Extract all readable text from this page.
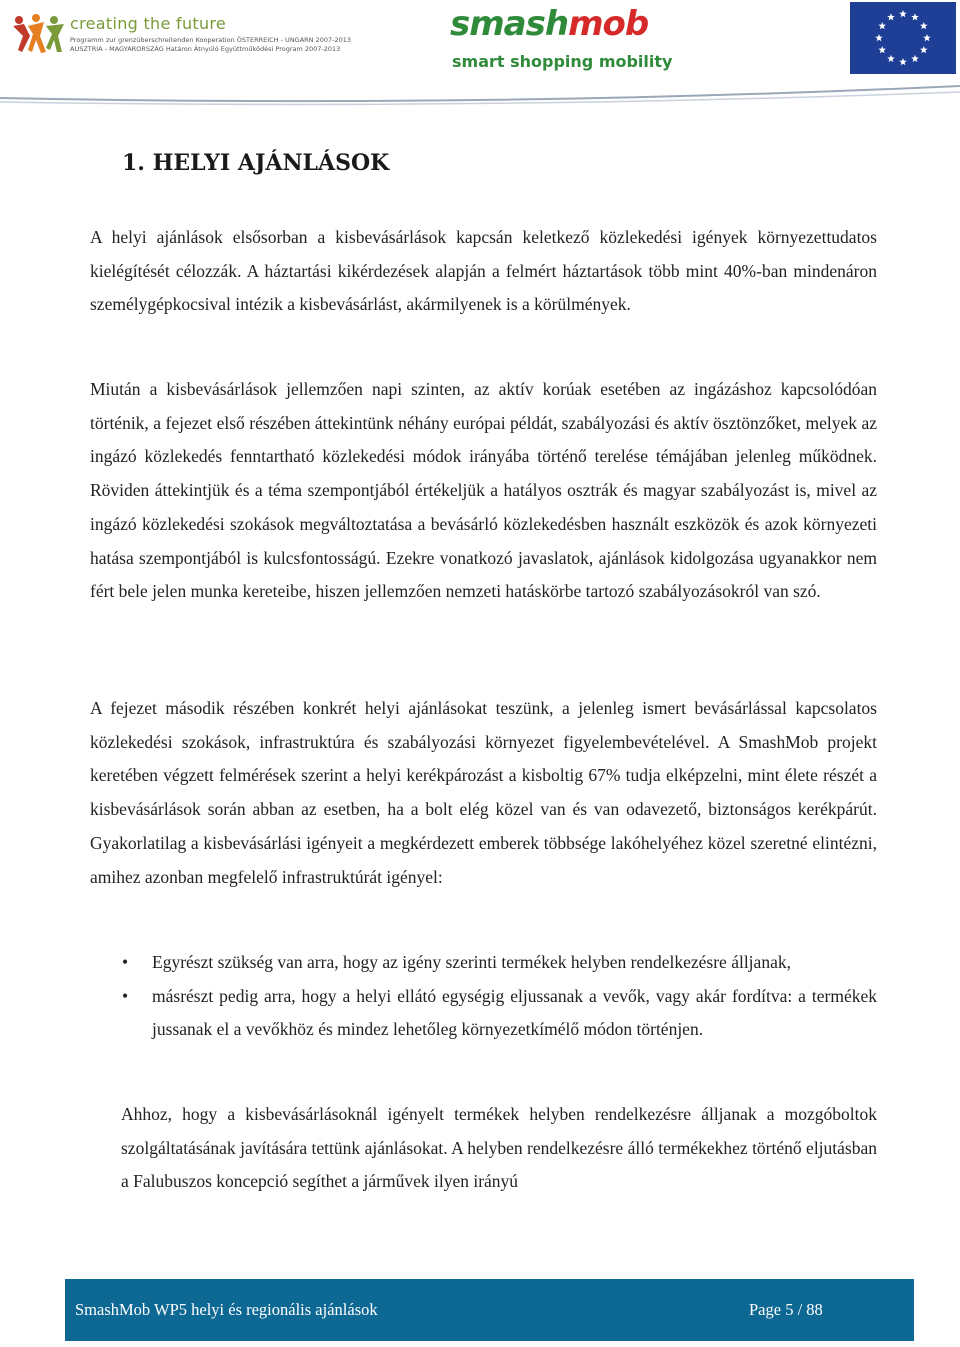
creating the future
Programm zur grenzüberschreitenden Kooperation ÖSTERREICH - UNGARN 2007-2013
AUSZTRIA - MAGYARORSZÁG Határon Átnyúló Együttműködési Program 2007-2013
smashmob
smart shopping mobility
1. HELYI AJÁNLÁSOK

A helyi ajánlások elsősorban a kisbevásárlások kapcsán keletkező közlekedési igények környezettudatos kielégítését célozzák. A háztartási kikérdezések alapján a felmért háztartások több mint 40%-ban mindenáron személygépkocsival intézik a kisbevásárlást, akármilyenek is a körülmények.

Miután a kisbevásárlások jellemzően napi szinten, az aktív korúak esetében az ingázáshoz kapcsolódóan történik, a fejezet első részében áttekintünk néhány európai példát, szabályozási és aktív ösztönzőket, melyek az ingázó közlekedés fenntartható közlekedési módok irányába történő terelése témájában jelenleg működnek. Röviden áttekintjük és a téma szempontjából értékeljük a hatályos osztrák és magyar szabályozást is, mivel az ingázó közlekedési szokások megváltoztatása a bevásárló közlekedésben használt eszközök és azok környezeti hatása szempontjából is kulcsfontosságú. Ezekre vonatkozó javaslatok, ajánlások kidolgozása ugyanakkor nem fért bele jelen munka kereteibe, hiszen jellemzően nemzeti hatáskörbe tartozó szabályozásokról van szó.

A fejezet második részében konkrét helyi ajánlásokat teszünk, a jelenleg ismert bevásárlással kapcsolatos közlekedési szokások, infrastruktúra és szabályozási környezet figyelembevételével. A SmashMob projekt keretében végzett felmérések szerint a helyi kerékpározást a kisboltig 67% tudja elképzelni, mint élete részét a kisbevásárlások során abban az esetben, ha a bolt elég közel van és van odavezető, biztonságos kerékpárút. Gyakorlatilag a kisbevásárlási igényeit a megkérdezett emberek többsége lakóhelyéhez közel szeretné elintézni, amihez azonban megfelelő infrastruktúrát igényel:

• Egyrészt szükség van arra, hogy az igény szerinti termékek helyben rendelkezésre álljanak,
• másrészt pedig arra, hogy a helyi ellátó egységig eljussanak a vevők, vagy akár fordítva: a termékek jussanak el a vevőkhöz és mindez lehetőleg környezetkímélő módon történjen.

Ahhoz, hogy a kisbevásárlásoknál igényelt termékek helyben rendelkezésre álljanak a mozgóboltok szolgáltatásának javítására tettünk ajánlásokat. A helyben rendelkezésre álló termékekhez történő eljutásban a Falubuszos koncepció segíthet a járművek ilyen irányú

SmashMob WP5 helyi és regionális ajánlások	Page 5 / 88
